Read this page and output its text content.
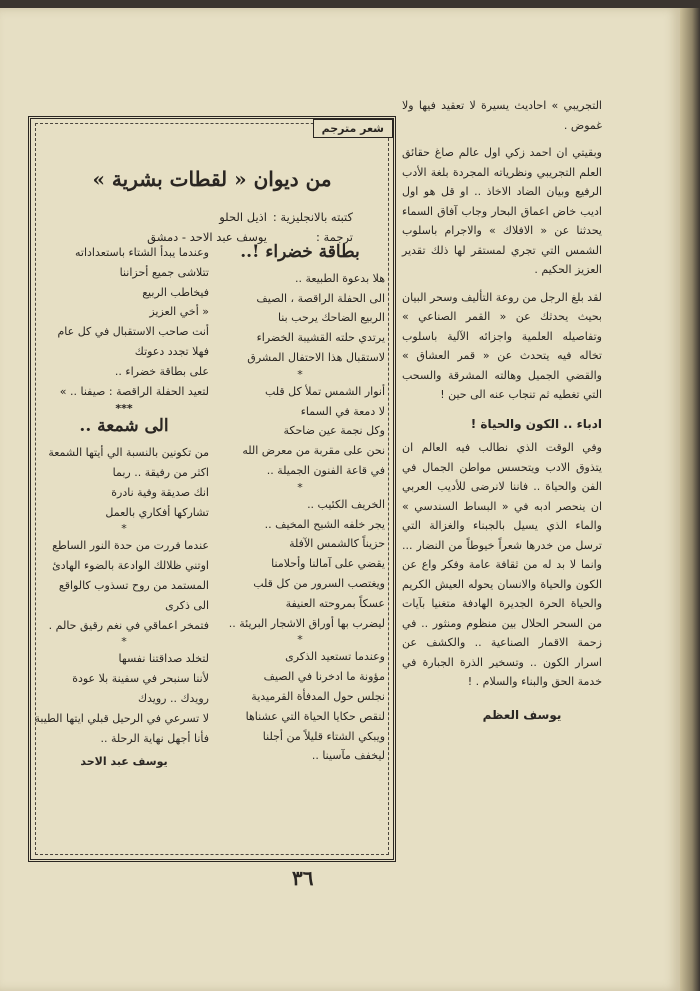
التجريبي » احاديث يسيرة لا تعقيد فيها ولا غموض .

وبقيتي ان احمد زكي اول عالم صاغ حقائق العلم التجريبي ونظرياته المجردة بلغة الأدب الرفيع وبيان الضاد الاخاذ .. او قل هو اول اديب خاض اعماق البحار وجاب آفاق السماء يحدثنا عن « الافلاك » والاجرام باسلوب الشمس التي تجري لمستقر لها ذلك تقدير العزيز الحكيم .

لقد بلغ الرجل من روعة التأليف وسحر البيان بحيث يحدثك عن « القمر الصناعي » وتفاصيله العلمية واجزائه الآلية باسلوب تخاله فيه يتحدث عن « قمر العشاق » والقضي الجميل وهالته المشرقة والسحب التي تغطيه ثم تنجاب عنه الى حين !

ادباء .. الكون والحياة !

وفي الوقت الذي نطالب فيه العالم ان يتذوق الادب ويتحسس مواطن الجمال في الفن والحياة .. فاننا لانرضى للأديب العربي ان ينحصر ادبه في « البساط السندسي » والماء الذي يسيل بالجبناء والغزالة التي ترسل من خدرها شعراً خيوطاً من النضار ... وانما لا بد له من ثقافة عامة وفكر واع عن الكون والحياة والانسان يحوله العيش الكريم والحياة الحرة الجديرة الهادفة متغنيا بآيات من السحر الحلال بين منظوم ومنثور .. في زحمة الاقمار الصناعية .. والكشف عن اسرار الكون .. وتسخير الذرة الجبارة في خدمة الحق والبناء والسلام . !

يوسف العظم
شعر مترجم
من ديوان « لقطات بشرية »
كتبته بالانجليزية :اذيل الحلو
ترجمة :يوسف عبد الاحد - دمشق
بطاقة خضراء !..
هلا بدعوة الطبيعة ..
الى الحفلة الراقصة ، الصيف
الربيع الضاحك يرحب بنا
يرتدي حلته القشيبة الخضراء
لاستقبال هذا الاحتفال المشرق
*
أنوار الشمس تملأ كل قلب
لا دمعة في السماء
وكل نجمة عين ضاحكة
نحن على مقربة من معرض الله
في قاعة الفنون الجميلة ..
*
الخريف الكئيب ..
يجر خلفه الشبح المخيف ..
حزيناً كالشمس الآفلة
يقضي على آمالنا وأحلامنا
ويغتصب السرور من كل قلب
عسكاً بمروحته العنيفة
ليضرب بها أوراق الاشجار البريئة ..
*
وعندما تستعيد الذكرى
مؤونة ما ادخرنا في الصيف
نجلس حول المدفأة القرميدية
لنقص حكايا الحياة التي عشناها
ويبكي الشتاء قليلاً من أجلنا
ليخفف مآسينا ..
وعندما يبدأ الشتاء باستعداداته
تتلاشى جميع أحزاننا
فيخاطب الربيع
« أخي العزيز
أنت صاحب الاستقبال في كل عام
فهلا تجدد دعوتك
على بطاقة خضراء ..
لتعيد الحفلة الراقصة : صيفنا .. »
***
الى شمعة ..
من تكونين بالنسبة الي أيتها الشمعة
اكثر من رفيقة .. ربما
انك صديقة وفية نادرة
تشاركها أفكاري بالعمل
*
عندما فررت من حدة النور الساطع
اوتني ظلالك الوادعة بالضوء الهادئ
المستمد من روح تسذوب كالواقع
الى ذكرى
فتمخر اعماقي في نغم رقيق حالم .
*
لتخلد صداقتنا نفسها
لأننا سنبحر في سفينة بلا عودة
رويدك .. رويدك
لا تسرعي في الرحيل قبلي ايتها الطيبة
فأنا أجهل نهاية الرحلة ..
يوسف عبد الاحد
٣٦
